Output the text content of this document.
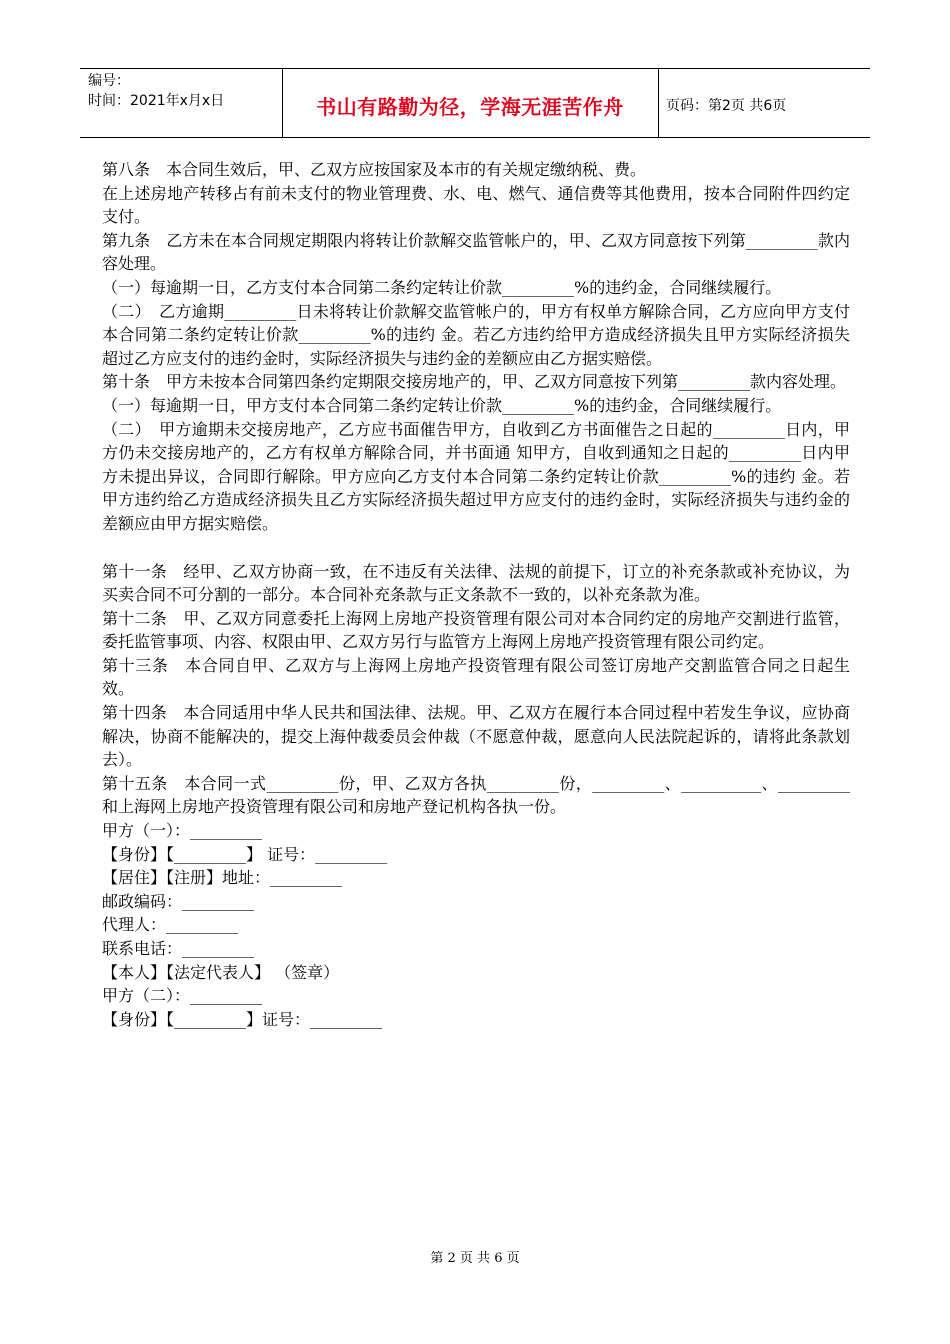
编号：
时间：2021年x月x日	书山有路勤为径，学海无涯苦作舟	页码：第2页 共6页
第八条　本合同生效后，甲、乙双方应按国家及本市的有关规定缴纳税、费。
在上述房地产转移占有前未支付的物业管理费、水、电、燃气、通信费等其他费用，按本合同附件四约定支付。
第九条　乙方未在本合同规定期限内将转让价款解交监管帐户的，甲、乙双方同意按下列第_________款内容处理。
（一）每逾期一日，乙方支付本合同第二条约定转让价款_________%的违约金，合同继续履行。
（二）　乙方逾期_________日未将转让价款解交监管帐户的，甲方有权单方解除合同，乙方应向甲方支付本合同第二条约定转让价款_________%的违约 金。若乙方违约给甲方造成经济损失且甲方实际经济损失超过乙方应支付的违约金时，实际经济损失与违约金的差额应由乙方据实赔偿。
第十条　甲方未按本合同第四条约定期限交接房地产的，甲、乙双方同意按下列第_________款内容处理。
（一）每逾期一日，甲方支付本合同第二条约定转让价款_________%的违约金，合同继续履行。
（二）　甲方逾期未交接房地产，乙方应书面催告甲方，自收到乙方书面催告之日起的_________日内，甲方仍未交接房地产的，乙方有权单方解除合同，并书面通 知甲方，自收到通知之日起的_________日内甲方未提出异议，合同即行解除。甲方应向乙方支付本合同第二条约定转让价款_________%的违约 金。若甲方违约给乙方造成经济损失且乙方实际经济损失超过甲方应支付的违约金时，实际经济损失与违约金的差额应由甲方据实赔偿。
第十一条　经甲、乙双方协商一致，在不违反有关法律、法规的前提下，订立的补充条款或补充协议，为买卖合同不可分割的一部分。本合同补充条款与正文条款不一致的，以补充条款为准。
第十二条　甲、乙双方同意委托上海网上房地产投资管理有限公司对本合同约定的房地产交割进行监管，委托监管事项、内容、权限由甲、乙双方另行与监管方上海网上房地产投资管理有限公司约定。
第十三条　本合同自甲、乙双方与上海网上房地产投资管理有限公司签订房地产交割监管合同之日起生效。
第十四条　本合同适用中华人民共和国法律、法规。甲、乙双方在履行本合同过程中若发生争议，应协商解决，协商不能解决的，提交上海仲裁委员会仲裁（不愿意仲裁，愿意向人民法院起诉的，请将此条款划去）。
第十五条　本合同一式_________份，甲、乙双方各执_________份，_________、__________、_________和上海网上房地产投资管理有限公司和房地产登记机构各执一份。
甲方（一）：_________
【身份】【_________】 证号：_________
【居住】【注册】地址：_________
邮政编码：_________
代理人：_________
联系电话：_________
【本人】【法定代表人】 （签章）
甲方（二）：_________
【身份】【_________】证号：_________
第 2 页 共 6 页
